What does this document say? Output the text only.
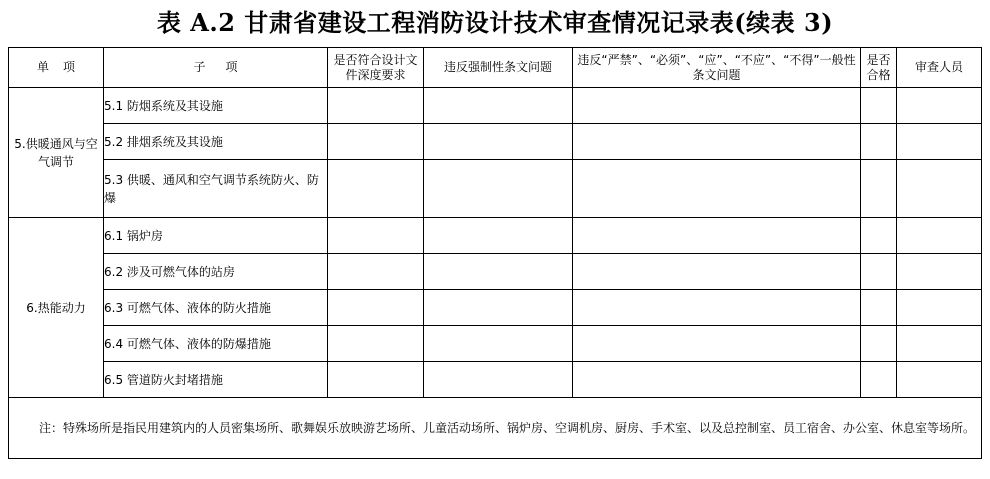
表 A.2 甘肃省建设工程消防设计技术审查情况记录表(续表 3)
单项	子项	是否符合设计文件深度要求	违反强制性条文问题	违反“严禁”、“必须”、“应”、“不应”、“不得”一般性条文问题	是否合格	审查人员
5.供暖通风与空气调节	5.1 防烟系统及其设施					
	5.2 排烟系统及其设施					
	5.3 供暖、通风和空气调节系统防火、防爆					
6.热能动力	6.1 锅炉房					
	6.2 涉及可燃气体的站房					
	6.3 可燃气体、液体的防火措施					
	6.4 可燃气体、液体的防爆措施					
	6.5 管道防火封堵措施					
注：特殊场所是指民用建筑内的人员密集场所、歌舞娱乐放映游艺场所、儿童活动场所、锅炉房、空调机房、厨房、手术室、以及总控制室、员工宿舍、办公室、休息室等场所。						
